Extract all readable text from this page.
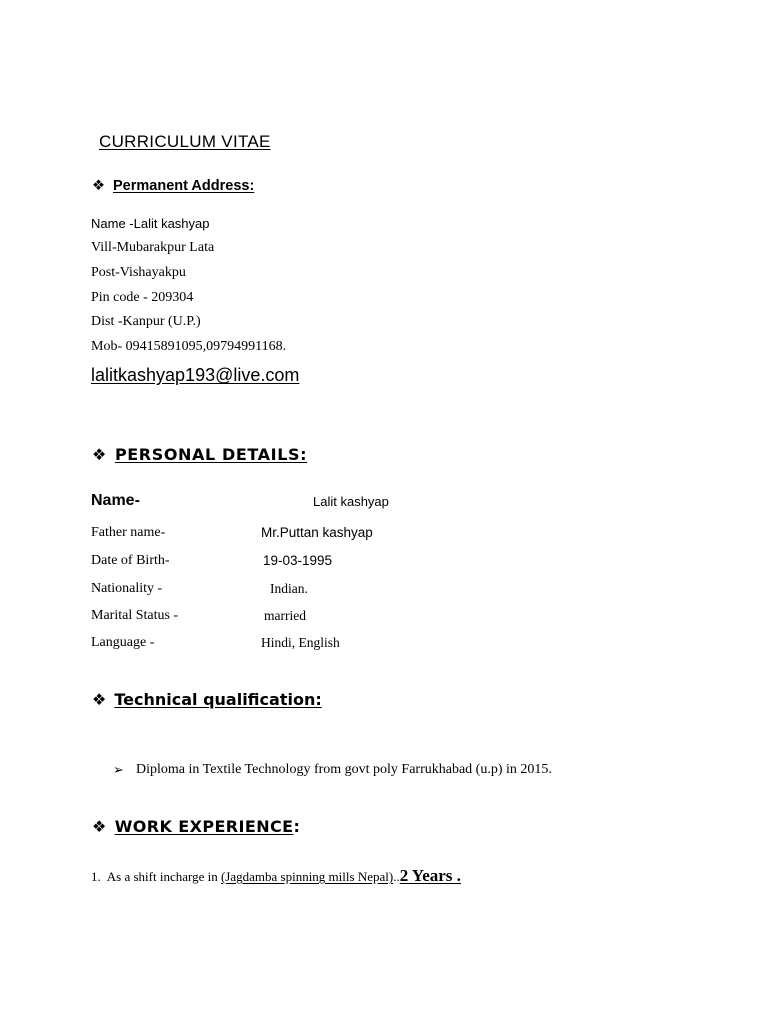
CURRICULUM VITAE
❖ Permanent Address:
Name -Lalit kashyap
Vill-Mubarakpur Lata
Post-Vishayakpu
Pin code - 209304
Dist -Kanpur (U.P.)
Mob- 09415891095,09794991168.
lalitkashyap193@live.com
❖ PERSONAL DETAILS:
Name-	Lalit kashyap
Father name-	Mr.Puttan kashyap
Date of Birth-	19-03-1995
Nationality -	Indian.
Marital Status -	married
Language -	Hindi, English
❖ Technical qualification:
➢ Diploma in Textile Technology from govt poly Farrukhabad (u.p) in 2015.
❖ WORK EXPERIENCE:
1. As a shift incharge in (Jagdamba spinning mills Nepal)..2 Years .
